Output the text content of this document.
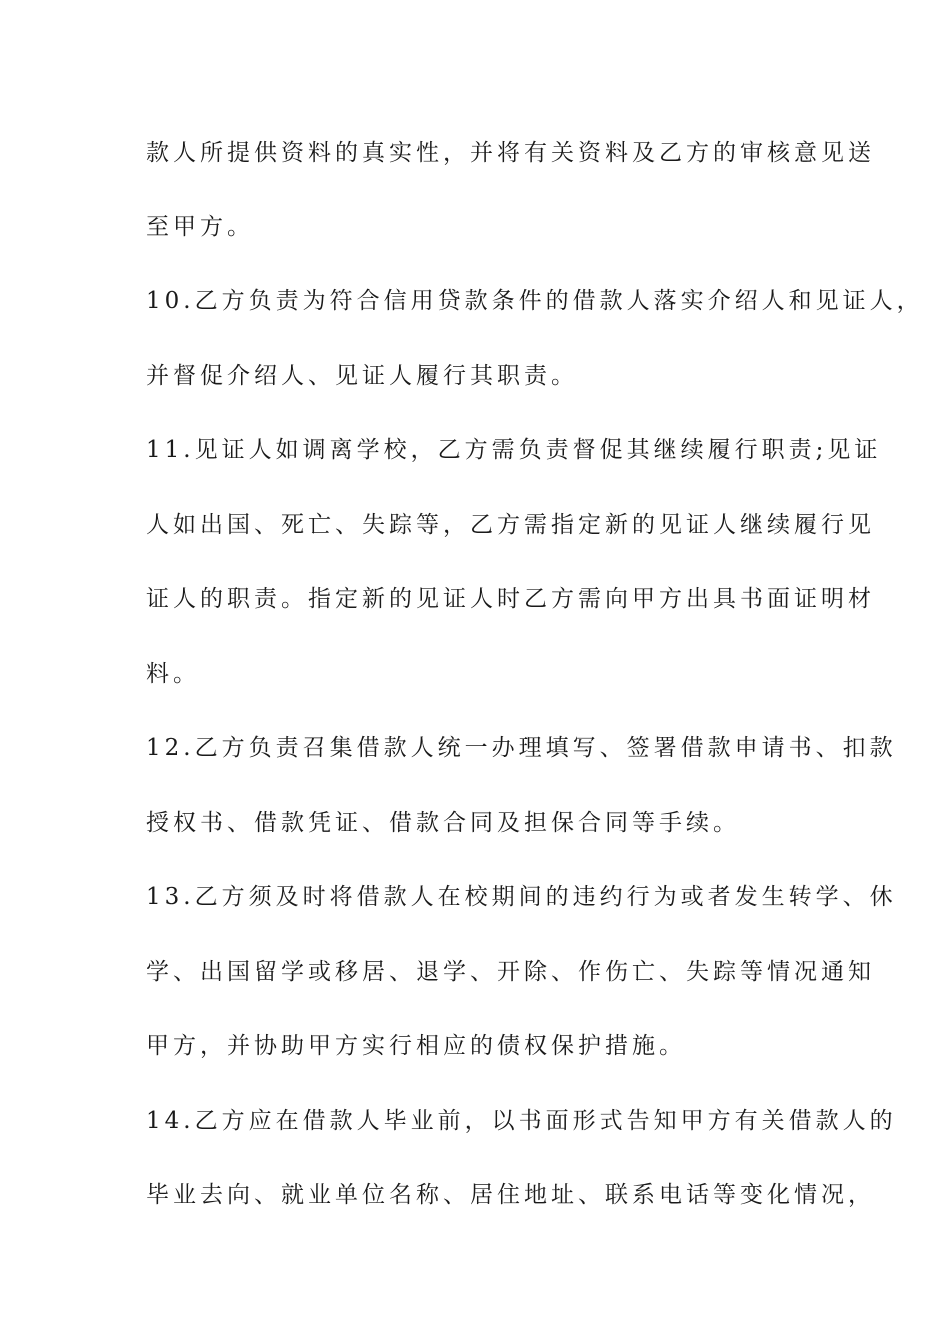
款人所提供资料的真实性，并将有关资料及乙方的审核意见送
至甲方。
10.乙方负责为符合信用贷款条件的借款人落实介绍人和见证人，
并督促介绍人、见证人履行其职责。
11.见证人如调离学校，乙方需负责督促其继续履行职责;见证
人如出国、死亡、失踪等，乙方需指定新的见证人继续履行见
证人的职责。指定新的见证人时乙方需向甲方出具书面证明材
料。
12.乙方负责召集借款人统一办理填写、签署借款申请书、扣款
授权书、借款凭证、借款合同及担保合同等手续。
13.乙方须及时将借款人在校期间的违约行为或者发生转学、休
学、出国留学或移居、退学、开除、作伤亡、失踪等情况通知
甲方，并协助甲方实行相应的债权保护措施。
14.乙方应在借款人毕业前，以书面形式告知甲方有关借款人的
毕业去向、就业单位名称、居住地址、联系电话等变化情况，
